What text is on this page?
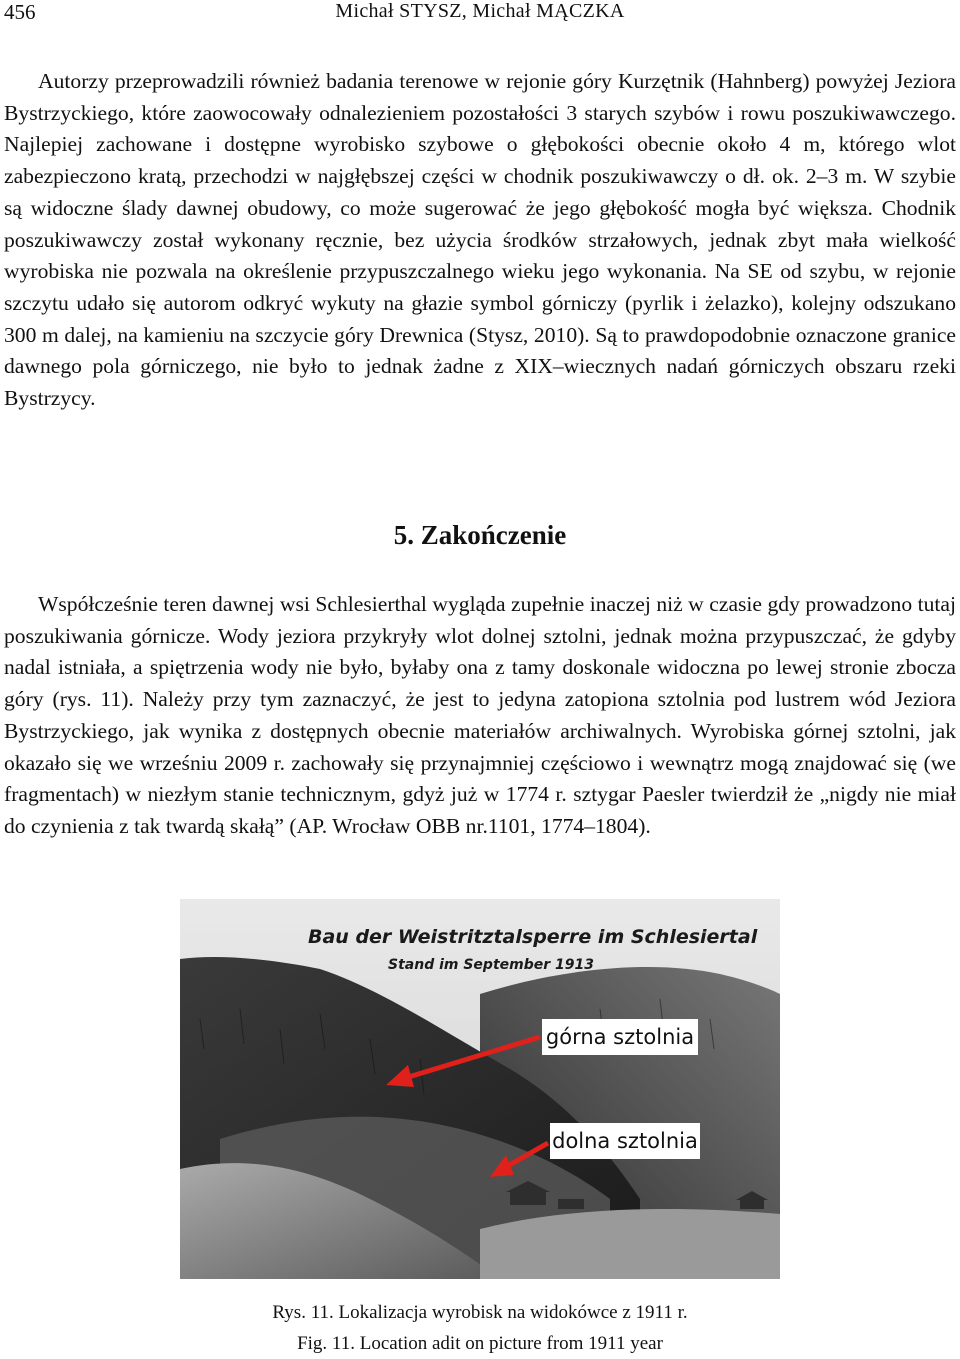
456	Michał STYSZ, Michał MĄCZKA

Autorzy przeprowadzili również badania terenowe w rejonie góry Kurzętnik (Hahnberg) powyżej Jeziora Bystrzyckiego, które zaowocowały odnalezieniem pozostałości 3 starych szybów i rowu poszukiwawczego. Najlepiej zachowane i dostępne wyrobisko szybowe o głębokości obecnie około 4 m, którego wlot zabezpieczono kratą, przechodzi w najgłębszej części w chodnik poszukiwawczy o dł. ok. 2–3 m. W szybie są widoczne ślady dawnej obudowy, co może sugerować że jego głębokość mogła być większa. Chodnik poszukiwawczy został wykonany ręcznie, bez użycia środków strzałowych, jednak zbyt mała wielkość wyrobiska nie pozwala na określenie przypuszczalnego wieku jego wykonania. Na SE od szybu, w rejonie szczytu udało się autorom odkryć wykuty na głazie symbol górniczy (pyrlik i żelazko), kolejny odszukano 300 m dalej, na kamieniu na szczycie góry Drewnica (Stysz, 2010). Są to prawdopodobnie oznaczone granice dawnego pola górniczego, nie było to jednak żadne z XIX–wiecznych nadań górniczych obszaru rzeki Bystrzycy.

5. Zakończenie

Współcześnie teren dawnej wsi Schlesierthal wygląda zupełnie inaczej niż w czasie gdy prowadzono tutaj poszukiwania górnicze. Wody jeziora przykryły wlot dolnej sztolni, jednak można przypuszczać, że gdyby nadal istniała, a spiętrzenia wody nie było, byłaby ona z tamy doskonale widoczna po lewej stronie zbocza góry (rys. 11). Należy przy tym zaznaczyć, że jest to jedyna zatopiona sztolnia pod lustrem wód Jeziora Bystrzyckiego, jak wynika z dostępnych obecnie materiałów archiwalnych. Wyrobiska górnej sztolni, jak okazało się we wrześniu 2009 r. zachowały się przynajmniej częściowo i wewnątrz mogą znajdować się (we fragmentach) w niezłym stanie technicznym, gdyż już w 1774 r. sztygar Paesler twierdził że „nigdy nie miał do czynienia z tak twardą skałą” (AP. Wrocław OBB nr.1101, 1774–1804).

Bau der Weistritztalsperre im Schlesiertal
Stand im September 1913
górna sztolnia
dolna sztolnia
Rys. 11. Lokalizacja wyrobisk na widokówce z 1911 r.
Fig. 11. Location adit on picture from 1911 year
